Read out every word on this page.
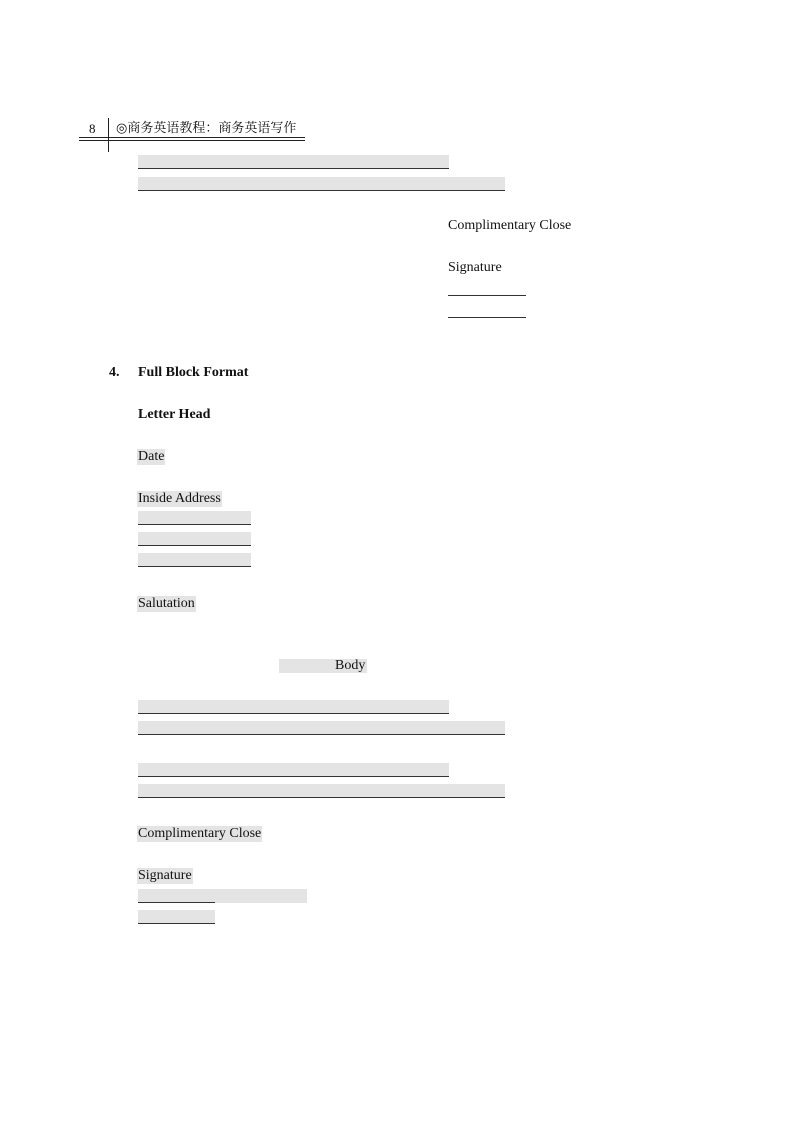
8 ◎商务英语教程：商务英语写作
Complimentary Close
Signature
4. Full Block Format
Letter Head
Date
Inside Address
Salutation
Body
Complimentary Close
Signature
